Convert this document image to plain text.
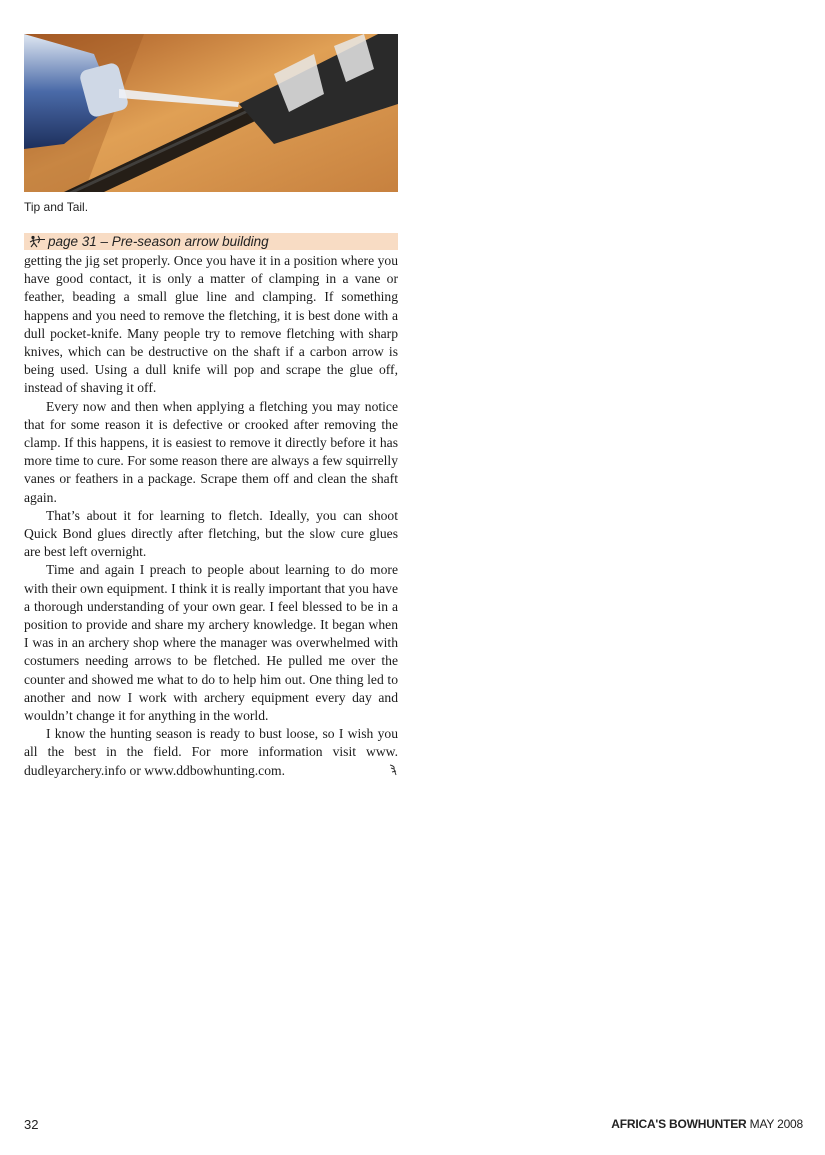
Tip and Tail.
page 31 – Pre-season arrow building

getting the jig set properly. Once you have it in a position where you have good contact, it is only a matter of clamping in a vane or feather, beading a small glue line and clamping. If something happens and you need to remove the fletching, it is best done with a dull pocket-knife. Many people try to remove fletching with sharp knives, which can be destructive on the shaft if a carbon arrow is being used. Using a dull knife will pop and scrape the glue off, instead of shaving it off.

Every now and then when applying a fletching you may notice that for some reason it is defective or crooked after removing the clamp. If this happens, it is easiest to remove it directly before it has more time to cure. For some reason there are always a few squirrelly vanes or feathers in a package. Scrape them off and clean the shaft again.

That’s about it for learning to fletch. Ideally, you can shoot Quick Bond glues directly after fletching, but the slow cure glues are best left overnight.

Time and again I preach to people about learning to do more with their own equipment. I think it is really important that you have a thorough understanding of your own gear. I feel blessed to be in a position to provide and share my archery knowledge. It began when I was in an archery shop where the manager was overwhelmed with costumers needing arrows to be fletched. He pulled me over the counter and showed me what to do to help him out. One thing led to another and now I work with archery equipment every day and wouldn’t change it for anything in the world.

I know the hunting season is ready to bust loose, so I wish you all the best in the field. For more information visit www. dudleyarchery.info or www.ddbowhunting.com.

32	AFRICA'S BOWHUNTER MAY 2008
